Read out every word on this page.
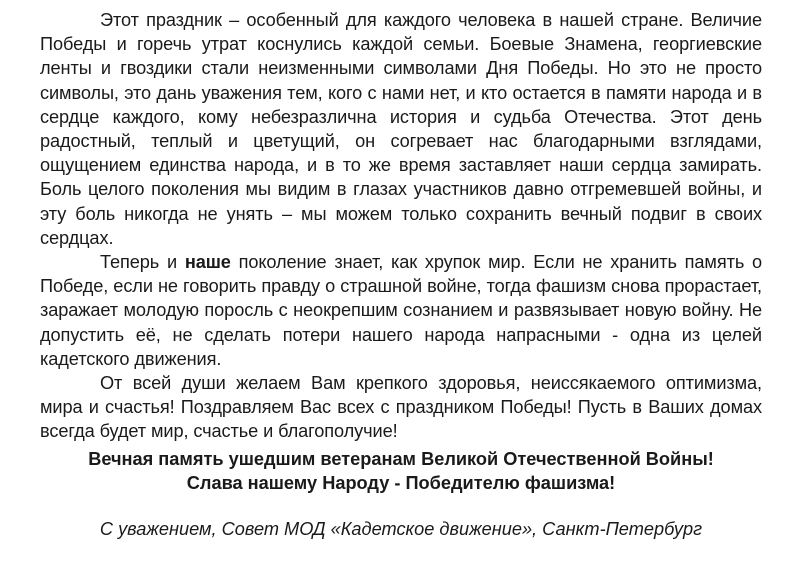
Этот праздник – особенный для каждого человека в нашей стране. Величие Победы и горечь утрат коснулись каждой семьи. Боевые Знамена, георгиевские ленты и гвоздики стали неизменными символами Дня Победы. Но это не просто символы, это дань уважения тем, кого с нами нет, и кто остается в памяти народа и в сердце каждого, кому небезразлична история и судьба Отечества. Этот день радостный, теплый и цветущий, он согревает нас благодарными взглядами, ощущением единства народа, и в то же время заставляет наши сердца замирать. Боль целого поколения мы видим в глазах участников давно отгремевшей войны, и эту боль никогда не унять – мы можем только сохранить вечный подвиг в своих сердцах.

Теперь и наше поколение знает, как хрупок мир. Если не хранить память о Победе, если не говорить правду о страшной войне, тогда фашизм снова прорастает, заражает молодую поросль с неокрепшим сознанием и развязывает новую войну. Не допустить её, не сделать потери нашего народа напрасными - одна из целей кадетского движения.

От всей души желаем Вам крепкого здоровья, неиссякаемого оптимизма, мира и счастья! Поздравляем Вас всех с праздником Победы! Пусть в Ваших домах всегда будет мир, счастье и благополучие!

Вечная память ушедшим ветеранам Великой Отечественной Войны!

Слава нашему Народу - Победителю фашизма!

С уважением, Совет МОД «Кадетское движение», Санкт-Петербург
